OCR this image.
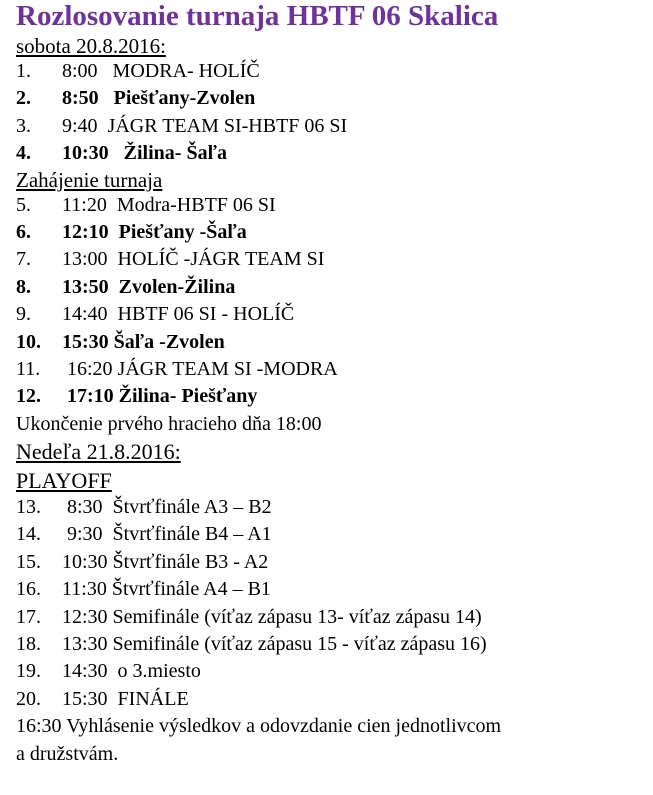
Rozlosovanie turnaja HBTF 06 Skalica
sobota 20.8.2016:
1. 8:00   MODRA- HOLÍČ
2. 8:50   Piešťany-Zvolen
3. 9:40  JÁGR TEAM SI-HBTF 06 SI
4. 10:30   Žilina- Šaľa
Zahájenie turnaja
5. 11:20  Modra-HBTF 06 SI
6. 12:10  Piešťany -Šaľa
7. 13:00  HOLÍČ -JÁGR TEAM SI
8. 13:50  Zvolen-Žilina
9. 14:40  HBTF 06 SI - HOLÍČ
10. 15:30 Šaľa -Zvolen
11. 16:20 JÁGR TEAM SI -MODRA
12. 17:10 Žilina- Piešťany
Ukončenie prvého hracieho dňa 18:00
Nedeľa 21.8.2016:
PLAYOFF
13. 8:30  Štvrťfinále A3 – B2
14. 9:30  Štvrťfinále B4 – A1
15. 10:30 Štvrťfinále B3 - A2
16. 11:30 Štvrťfinále A4 – B1
17. 12:30 Semifinále (víťaz zápasu 13- víťaz zápasu 14)
18. 13:30 Semifinále (víťaz zápasu 15 - víťaz zápasu 16)
19. 14:30  o 3.miesto
20. 15:30  FINÁLE
16:30 Vyhlásenie výsledkov a odovzdanie cien jednotlivcom
a družstvám.
